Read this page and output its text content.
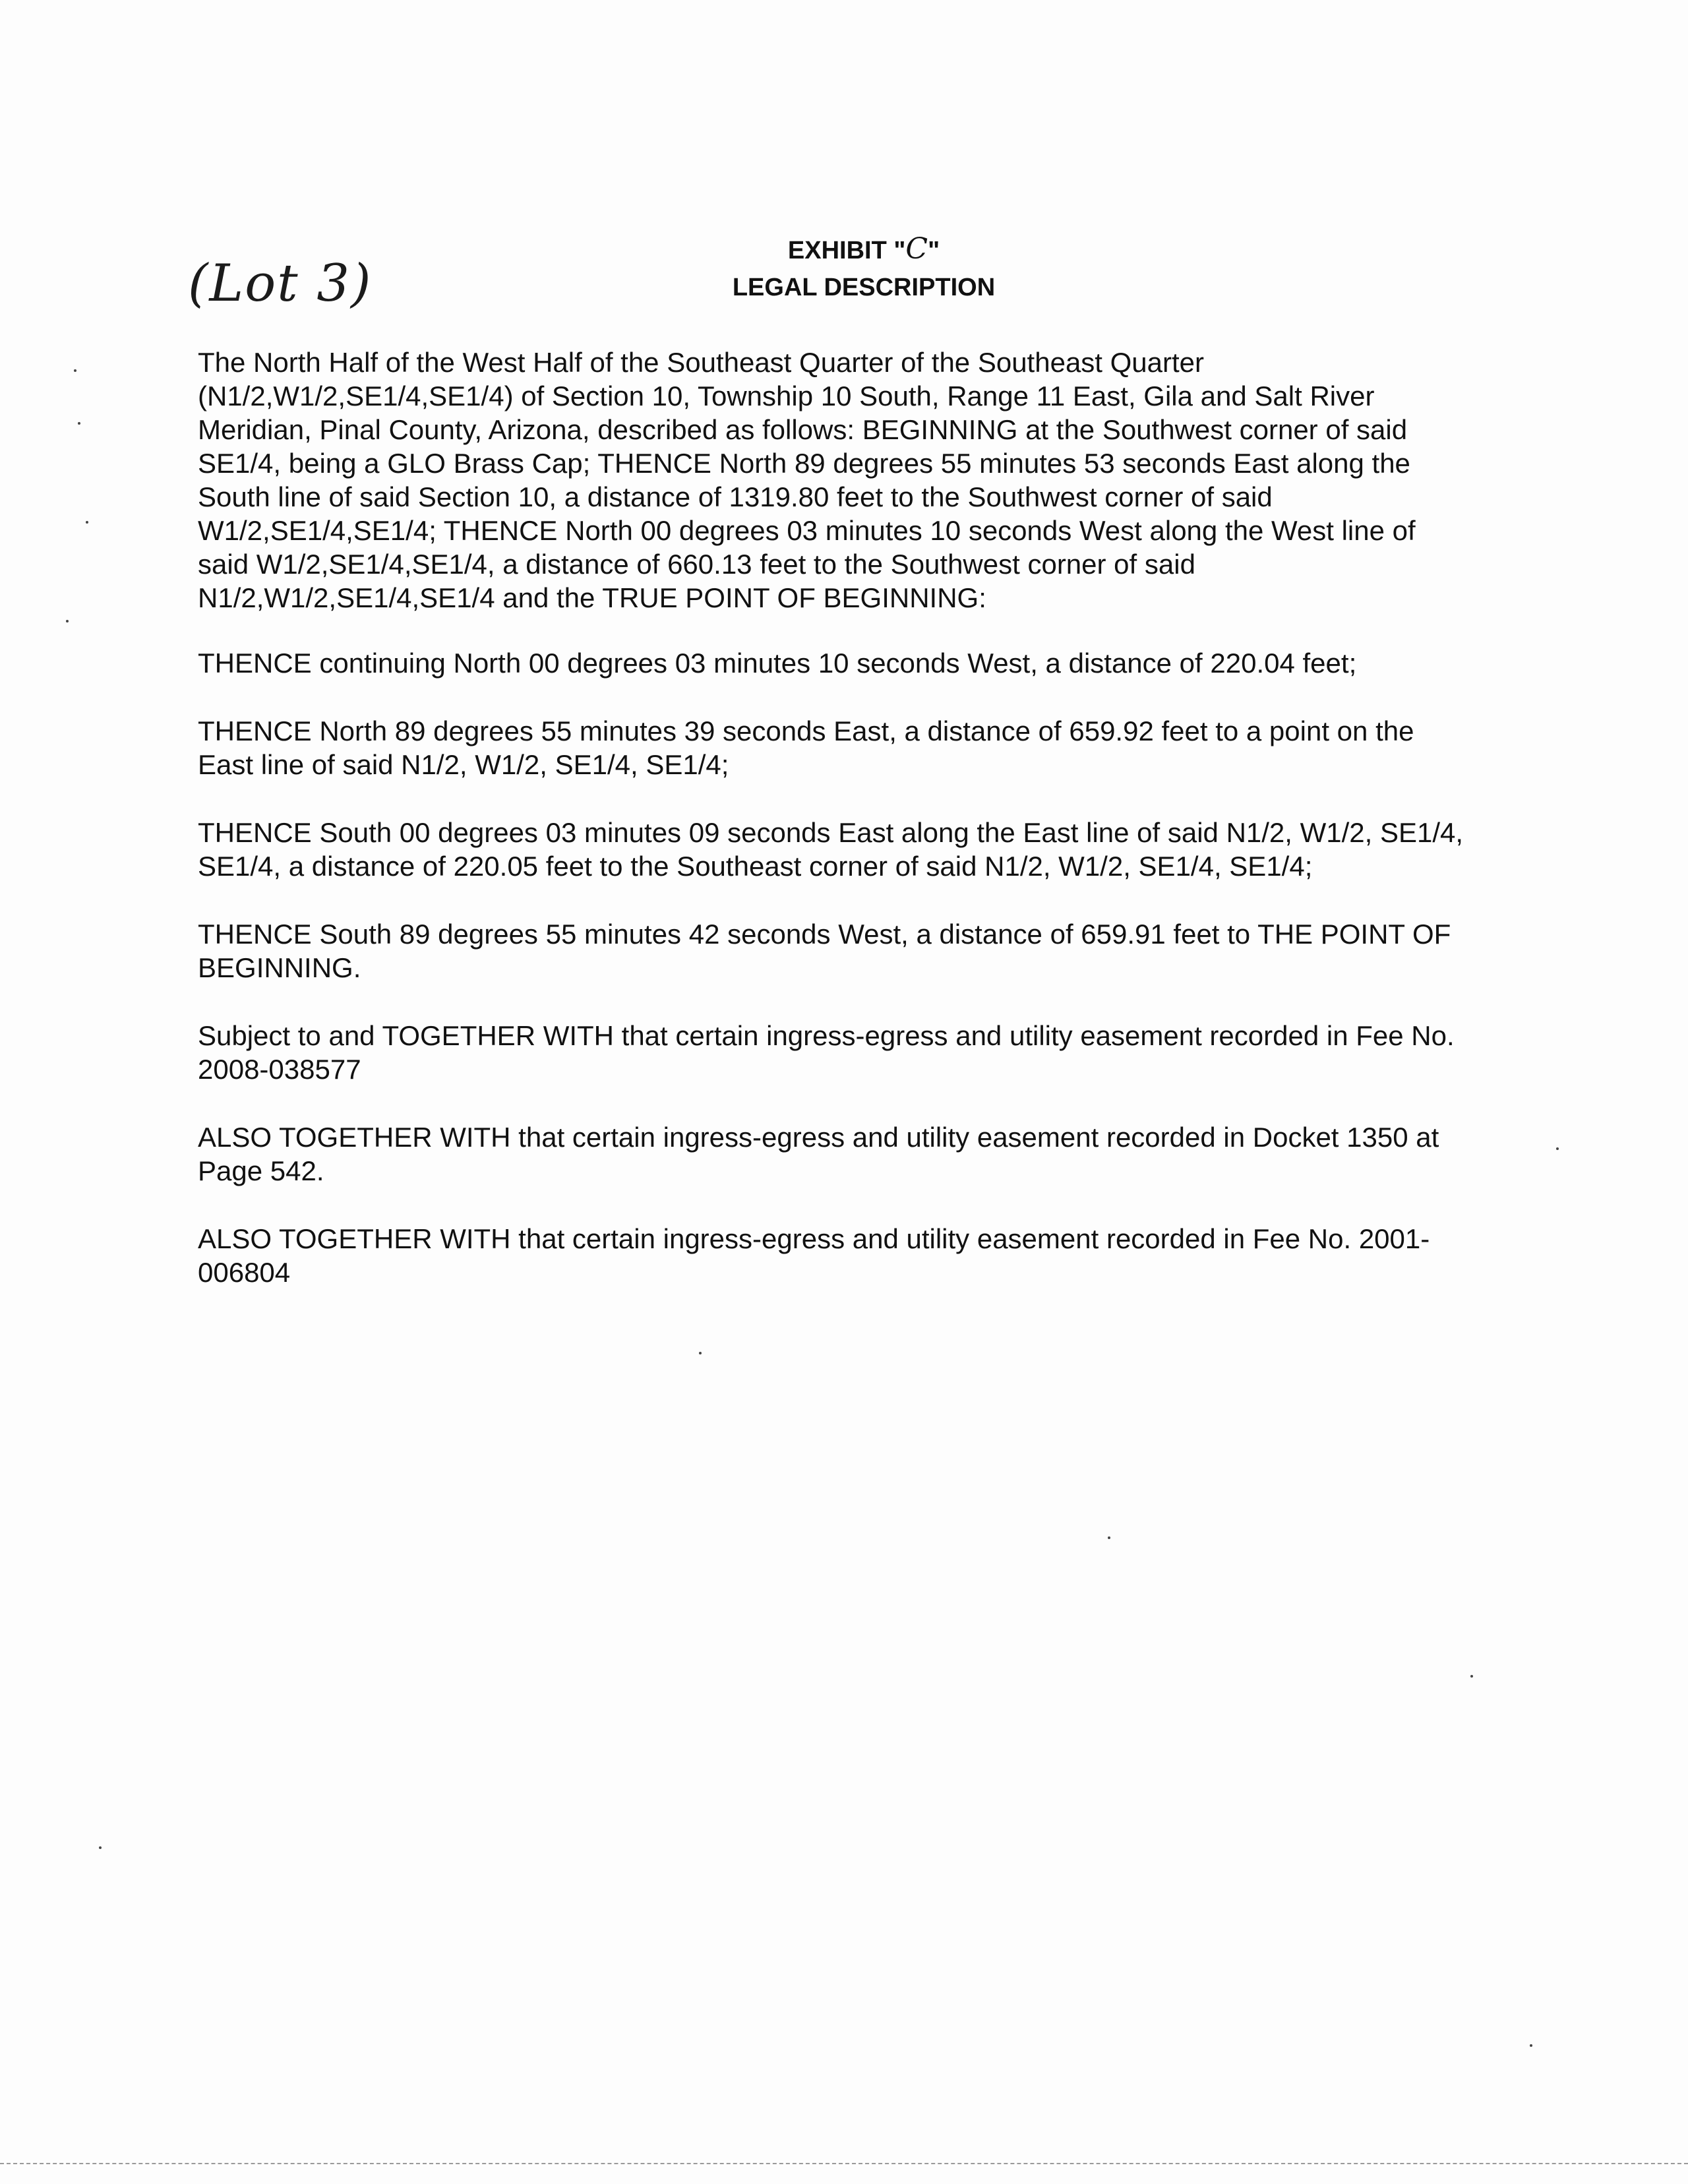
(Lot 3)
EXHIBIT "C"
LEGAL DESCRIPTION

The North Half of the West Half of the Southeast Quarter of the Southeast Quarter
(N1/2,W1/2,SE1/4,SE1/4) of Section 10, Township 10 South, Range 11 East, Gila and Salt River
Meridian, Pinal County, Arizona, described as follows: BEGINNING at the Southwest corner of said
SE1/4, being a GLO Brass Cap; THENCE North 89 degrees 55 minutes 53 seconds East along the
South line of said Section 10, a distance of 1319.80 feet to the Southwest corner of said
W1/2,SE1/4,SE1/4; THENCE North 00 degrees 03 minutes 10 seconds West along the West line of
said W1/2,SE1/4,SE1/4, a distance of 660.13 feet to the Southwest corner of said
N1/2,W1/2,SE1/4,SE1/4 and the TRUE POINT OF BEGINNING:

THENCE continuing North 00 degrees 03 minutes 10 seconds West, a distance of 220.04 feet;

THENCE North 89 degrees 55 minutes 39 seconds East, a distance of 659.92 feet to a point on the
East line of said N1/2, W1/2, SE1/4, SE1/4;

THENCE South 00 degrees 03 minutes 09 seconds East along the East line of said N1/2, W1/2, SE1/4,
SE1/4, a distance of 220.05 feet to the Southeast corner of said N1/2, W1/2, SE1/4, SE1/4;

THENCE South 89 degrees 55 minutes 42 seconds West, a distance of 659.91 feet to THE POINT OF
BEGINNING.

Subject to and TOGETHER WITH that certain ingress-egress and utility easement recorded in Fee No.
2008-038577

ALSO TOGETHER WITH that certain ingress-egress and utility easement recorded in Docket 1350 at
Page 542.

ALSO TOGETHER WITH that certain ingress-egress and utility easement recorded in Fee No. 2001-
006804
